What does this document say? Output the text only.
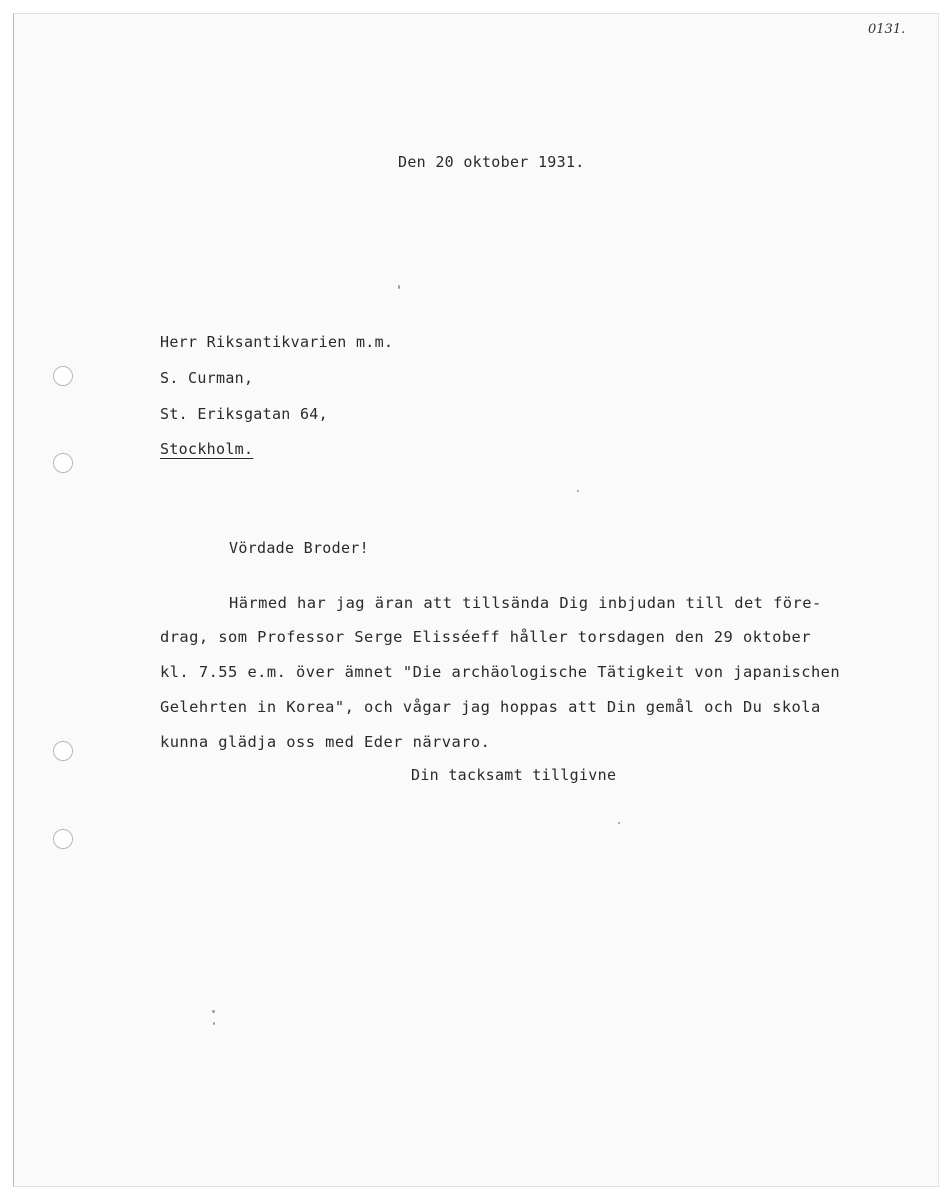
0131.
Den 20 oktober 1931.
Herr Riksantikvarien m.m.
S. Curman,
St. Eriksgatan 64,
Stockholm.
Vördade Broder!
Härmed har jag äran att tillsända Dig inbjudan till det före-
drag, som Professor Serge Elisséeff håller torsdagen den 29 oktober
kl. 7.55 e.m. över ämnet "Die archäologische Tätigkeit von japanischen
Gelehrten in Korea", och vågar jag hoppas att Din gemål och Du skola
kunna glädja oss med Eder närvaro.
Din tacksamt tillgivne
